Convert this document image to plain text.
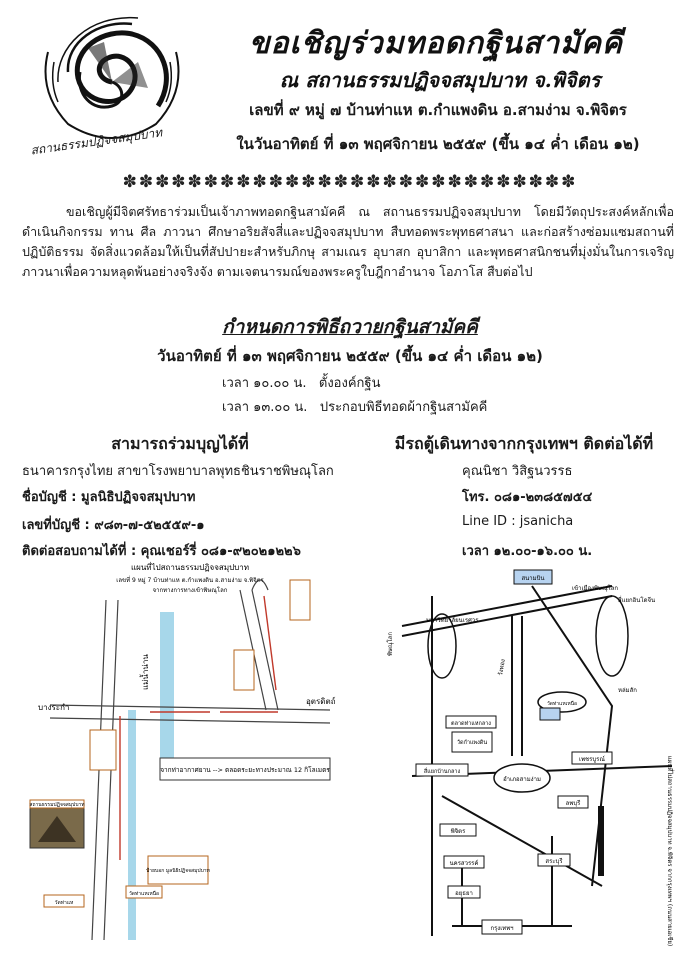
สถานธรรมปฏิจจสมุปบาท
ขอเชิญร่วมทอดกฐินสามัคคี
ณ สถานธรรมปฏิจจสมุปบาท จ.พิจิตร
เลขที่ ๙ หมู่ ๗ บ้านท่าแห ต.กำแพงดิน อ.สามง่าม จ.พิจิตร
ในวันอาทิตย์ ที่ ๑๓ พฤศจิกายน ๒๕๕๙ (ขึ้น ๑๔ ค่ำ เดือน ๑๒)
✽✽✽✽✽✽✽✽✽✽✽✽✽✽✽✽✽✽✽✽✽✽✽✽✽✽✽✽
ขอเชิญผู้มีจิตศรัทธาร่วมเป็นเจ้าภาพทอดกฐินสามัคคี ณ สถานธรรมปฏิจจสมุปบาท โดยมีวัตถุประสงค์หลักเพื่อดำเนินกิจกรรม ทาน ศีล ภาวนา ศึกษาอริยสัจสี่และปฏิจจสมุปบาท สืบทอดพระพุทธศาสนา และก่อสร้างซ่อมแซมสถานที่ปฏิบัติธรรม จัดสิ่งแวดล้อมให้เป็นที่สัปปายะสำหรับภิกษุ สามเณร อุบาสก อุบาสิกา และพุทธศาสนิกชนที่มุ่งมั่นในการเจริญภาวนาเพื่อความหลุดพ้นอย่างจริงจัง ตามเจตนารมณ์ของพระครูใบฎีกาอำนาจ โอภาโส สืบต่อไป
กำหนดการพิธีถวายกฐินสามัคคี
วันอาทิตย์ ที่ ๑๓ พฤศจิกายน ๒๕๕๙ (ขึ้น ๑๔ ค่ำ เดือน ๑๒)
เวลา ๑๐.๐๐ น. ตั้งองค์กฐิน
เวลา ๑๓.๐๐ น. ประกอบพิธีทอดผ้ากฐินสามัคคี
สามารถร่วมบุญได้ที่
ธนาคารกรุงไทย สาขาโรงพยาบาลพุทธชินราชพิษณุโลก
ชื่อบัญชี : มูลนิธิปฏิจจสมุปบาท
เลขที่บัญชี : ๙๘๓-๗-๕๒๕๕๙-๑
ติดต่อสอบถามได้ที่ : คุณเชอร์รี่ ๐๘๑-๙๒๐๒๑๒๒๖
มีรถตู้เดินทางจากกรุงเทพฯ ติดต่อได้ที่
คุณนิชา วิสิฐนวรรธ
โทร. ๐๘๑-๒๓๘๕๗๕๔
Line ID : jsanicha
เวลา ๑๒.๐๐-๑๖.๐๐ น.
แผนที่ไปสถานธรรมปฏิจจสมุปบาท
เลขที่ 9 หมู่ 7 บ้านท่าแห ต.กำแพงดิน อ.สามง่าม จ.พิจิตร
จากทางการทางเข้าพิษณุโลก
แม่น้ำน่าน
บางระกำ
อุตรดิตถ์
จากท่าอากาศยาน --> ตลอดระยะทางประมาณ 12 กิโลเมตร
สถานธรรมปฏิจจสมุปบาท
ป้ายบอก มูลนิธิปฏิจจสมุปบาท
วัดท่าแหเหนือ
วัดท่าแห
สนามบิน
เข้าเมืองพิษณุโลก
สี่แยกอินโดจีน
มหาวิทยาลัยนเรศวร
ตลาดท่าแหกลาง
วัดกำแพงดิน
สี่แยกบ้านกลาง
อำเภอสามง่าม
พิจิตร
นครสวรรค์
อยุธยา
กรุงเทพฯ
เพชรบูรณ์
ลพบุรี
สระบุรี
พิษณุโลก
หล่มสัก
วังทอง
วัดท่าแหเหนือ
แผนที่ไปสถานธรรมปฏิจจสมุปบาท จ.พิจิตร จากกรุงเทพฯ (ถนนสายเอเชีย)
